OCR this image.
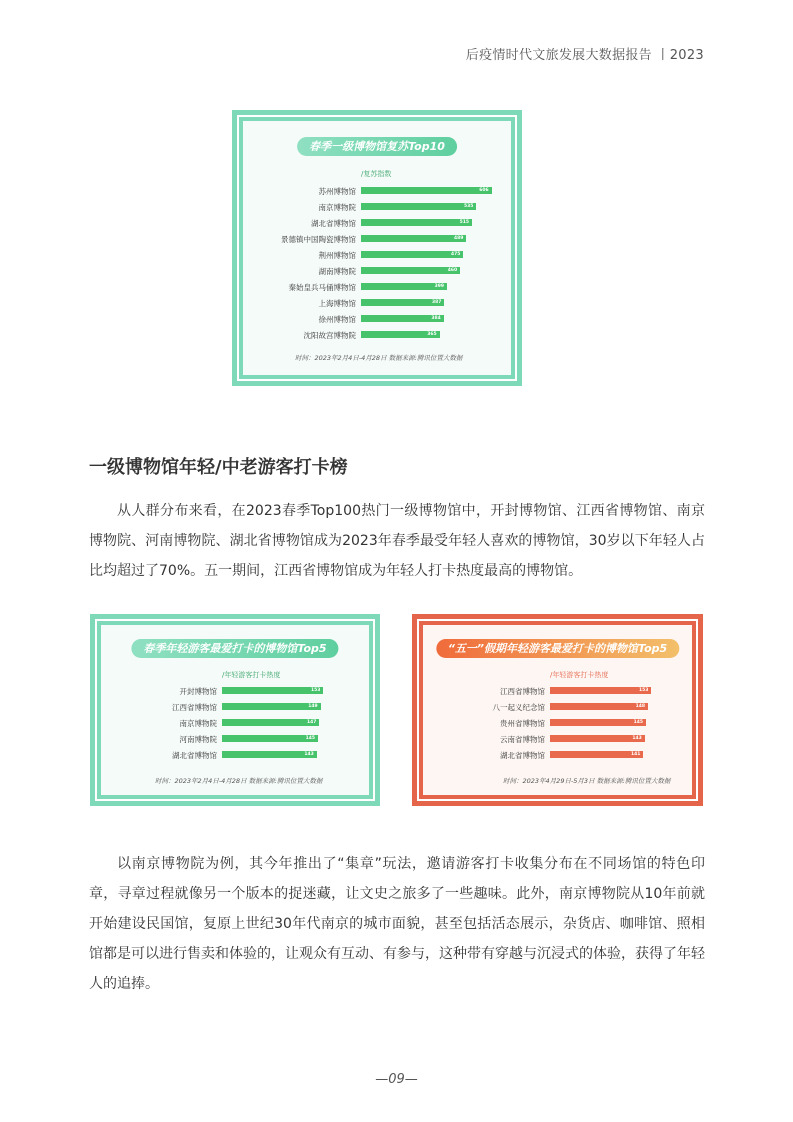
后疫情时代文旅发展大数据报告 丨2023
春季一级博物馆复苏Top10
/复苏指数
苏州博物馆	606
南京博物院	535
湖北省博物馆	515
景德镇中国陶瓷博物馆	489
荆州博物馆	475
湖南博物院	460
秦始皇兵马俑博物馆	399
上海博物馆	387
徐州博物馆	384
沈阳故宫博物院	365
时间：2023年2月4日-4月28日 数据来源:腾讯位置大数据
一级博物馆年轻/中老游客打卡榜
从人群分布来看，在2023春季Top100热门一级博物馆中，开封博物馆、江西省博物馆、南京博物院、河南博物院、湖北省博物馆成为2023年春季最受年轻人喜欢的博物馆，30岁以下年轻人占比均超过了70%。五一期间，江西省博物馆成为年轻人打卡热度最高的博物馆。
春季年轻游客最爱打卡的博物馆Top5
/年轻游客打卡热度
开封博物馆	153
江西省博物馆	149
南京博物院	147
河南博物院	145
湖北省博物馆	143
时间：2023年2月4日-4月28日 数据来源:腾讯位置大数据
“五一”假期年轻游客最爱打卡的博物馆Top5
/年轻游客打卡热度
江西省博物馆	153
八一起义纪念馆	148
贵州省博物馆	145
云南省博物馆	143
湖北省博物馆	141
时间：2023年4月29日-5月3日 数据来源:腾讯位置大数据
以南京博物院为例，其今年推出了“集章”玩法，邀请游客打卡收集分布在不同场馆的特色印章，寻章过程就像另一个版本的捉迷藏，让文史之旅多了一些趣味。此外，南京博物院从10年前就开始建设民国馆，复原上世纪30年代南京的城市面貌，甚至包括活态展示，杂货店、咖啡馆、照相馆都是可以进行售卖和体验的，让观众有互动、有参与，这种带有穿越与沉浸式的体验，获得了年轻人的追捧。
—09—
